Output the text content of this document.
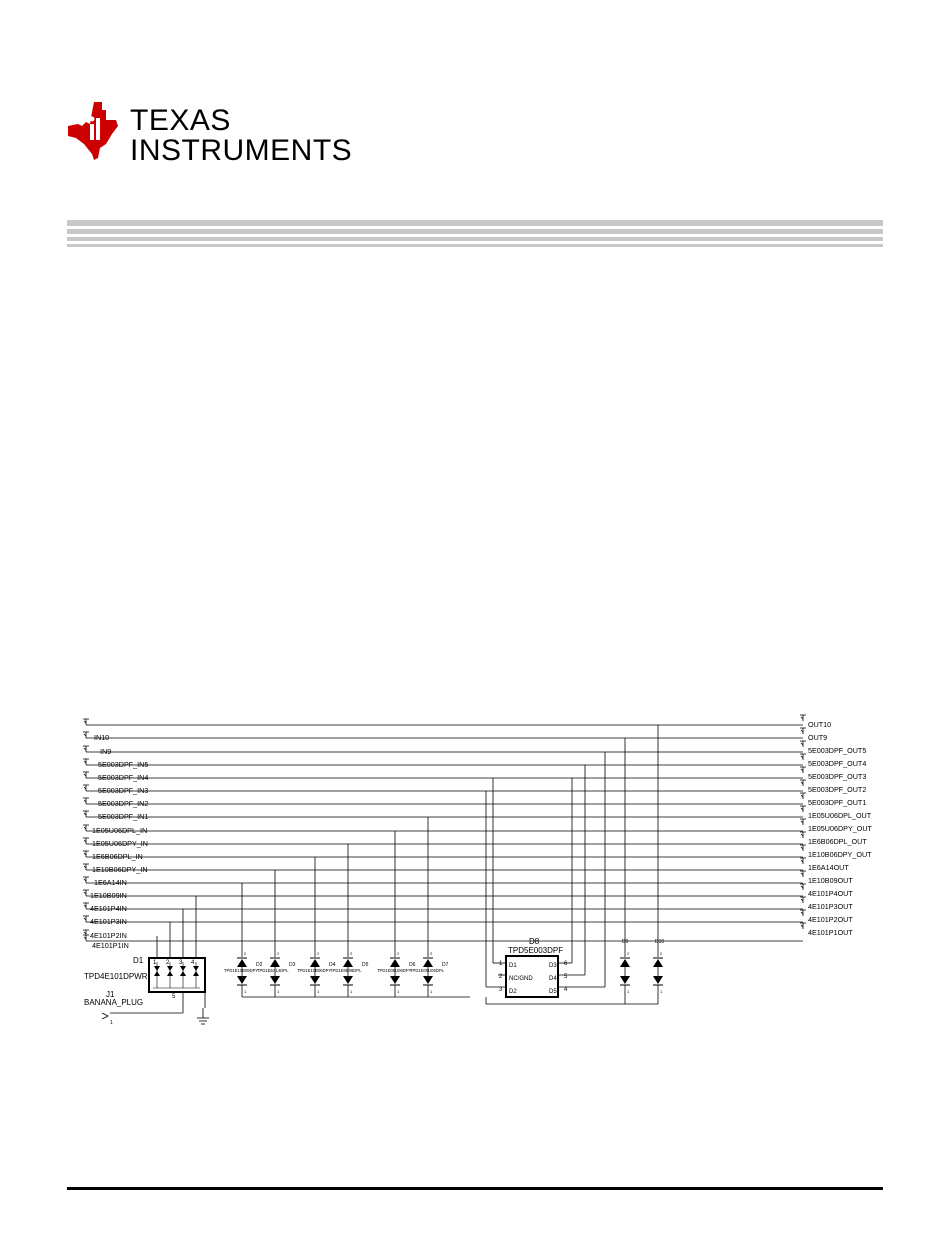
TEXAS
INSTRUMENTS
IN10
IN9
5E003DPF_IN5
5E003DPF_IN4
5E003DPF_IN3
5E003DPF_IN2
5E003DPF_IN1
1E05U06DPL_IN
1E05U06DPY_IN
1E6B06DPL_IN
1E10B06DPY_IN
1E6A14IN
1E10B09IN
4E101P4IN
4E101P3IN
4E101P2IN
4E101P1IN
OUT10
OUT9
5E003DPF_OUT5
5E003DPF_OUT4
5E003DPF_OUT3
5E003DPF_OUT2
5E003DPF_OUT1
1E05U06DPL_OUT
1E05U06DPY_OUT
1E6B06DPL_OUT
1E10B06DPY_OUT
1E6A14OUT
1E10B09OUT
4E101P4OUT
4E101P3OUT
4E101P2OUT
4E101P1OUT
D1
TPD4E101DPWR
1 2 3 4
5
J1
BANANA_PLUG
1
D8
TPD5E003DPF
D1
NC/GND
D2
D3
D4
D5
1
2
3
6
5
4
2
1
D2
TPD1E10B09DPY
2
1
D3
TPD1E6A14DPL
2
1
D4
TPD1E10B06DPY
2
1
D5
TPD1E6B06DPL
2
1
D6
TPD1E05U06DPY
2
1
D7
TPD1E05U06DPL
2
1
D9
2
1
D10
